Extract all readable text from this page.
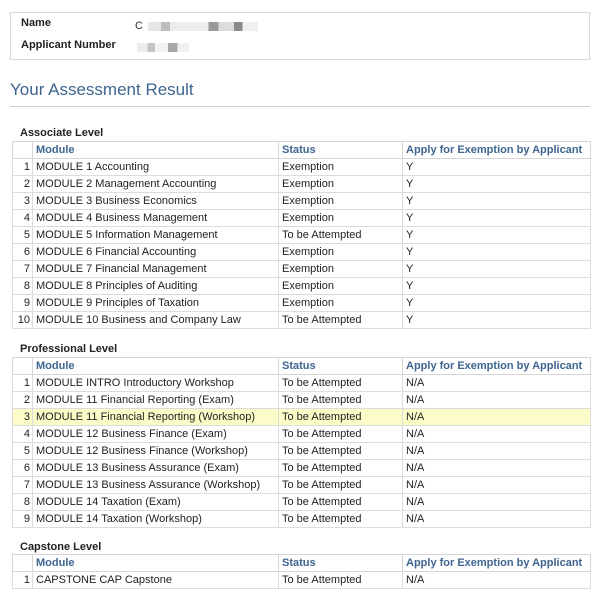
Name	C
Applicant Number
Your Assessment Result
Associate Level
	Module	Status	Apply for Exemption by Applicant
1	MODULE 1 Accounting	Exemption	Y
2	MODULE 2 Management Accounting	Exemption	Y
3	MODULE 3 Business Economics	Exemption	Y
4	MODULE 4 Business Management	Exemption	Y
5	MODULE 5 Information Management	To be Attempted	Y
6	MODULE 6 Financial Accounting	Exemption	Y
7	MODULE 7 Financial Management	Exemption	Y
8	MODULE 8 Principles of Auditing	Exemption	Y
9	MODULE 9 Principles of Taxation	Exemption	Y
10	MODULE 10 Business and Company Law	To be Attempted	Y
Professional Level
	Module	Status	Apply for Exemption by Applicant
1	MODULE INTRO Introductory Workshop	To be Attempted	N/A
2	MODULE 11 Financial Reporting (Exam)	To be Attempted	N/A
3	MODULE 11 Financial Reporting (Workshop)	To be Attempted	N/A
4	MODULE 12 Business Finance (Exam)	To be Attempted	N/A
5	MODULE 12 Business Finance (Workshop)	To be Attempted	N/A
6	MODULE 13 Business Assurance (Exam)	To be Attempted	N/A
7	MODULE 13 Business Assurance (Workshop)	To be Attempted	N/A
8	MODULE 14 Taxation (Exam)	To be Attempted	N/A
9	MODULE 14 Taxation (Workshop)	To be Attempted	N/A
Capstone Level
	Module	Status	Apply for Exemption by Applicant
1	CAPSTONE CAP Capstone	To be Attempted	N/A
